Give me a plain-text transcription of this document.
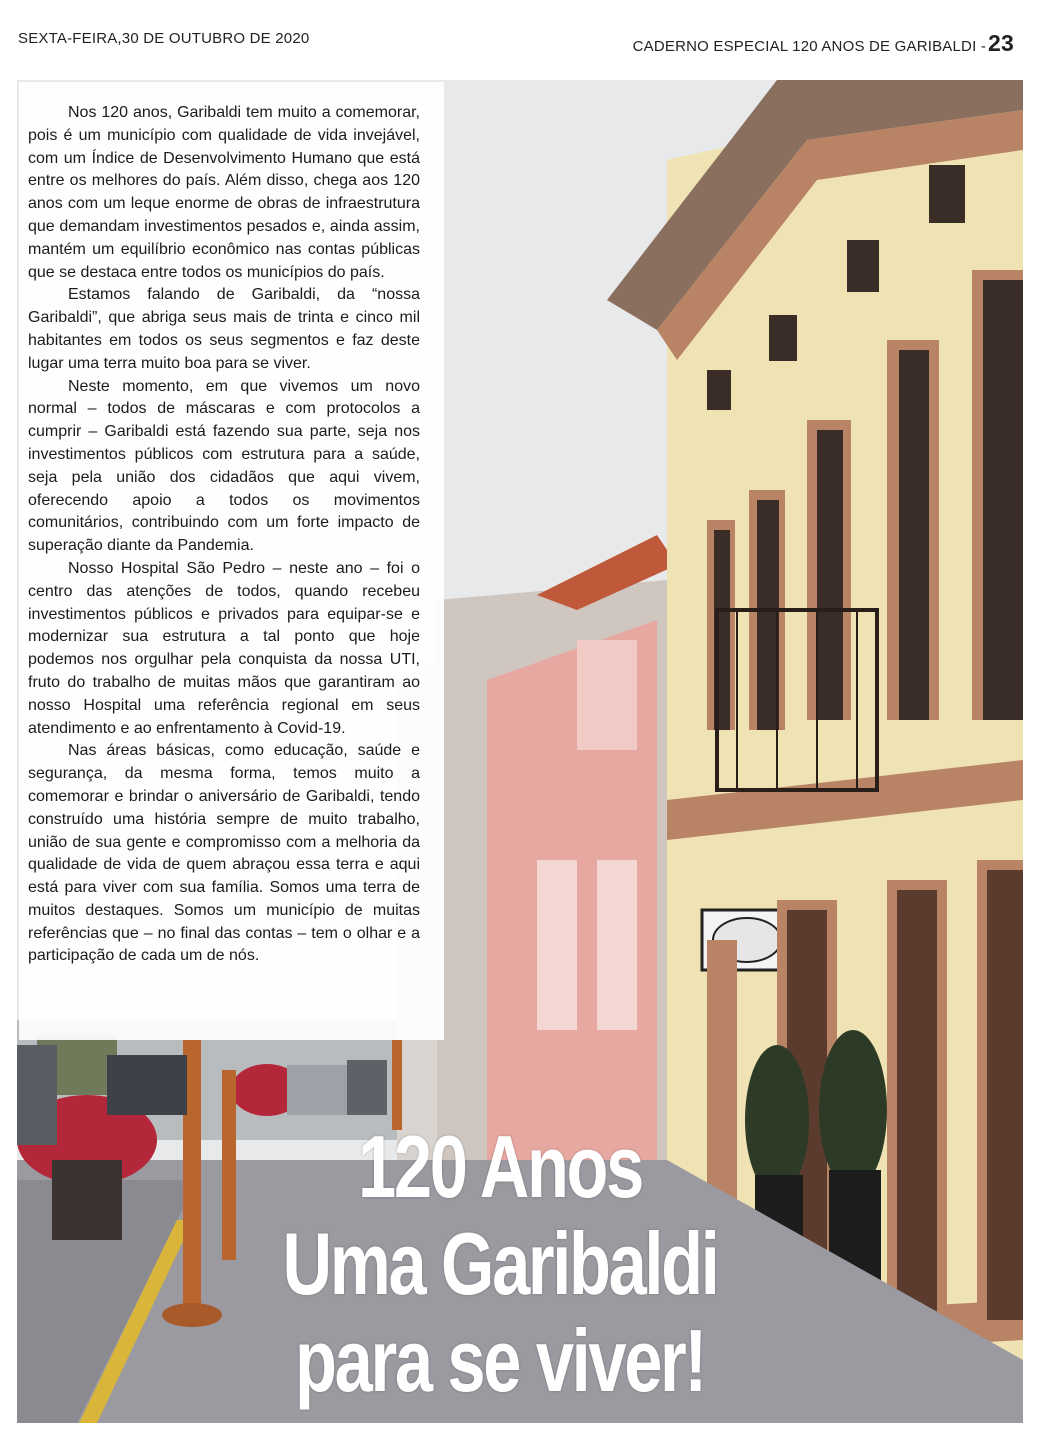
SEXTA-FEIRA,30 DE OUTUBRO DE 2020	CADERNO ESPECIAL 120 ANOS DE GARIBALDI - 23

Nos 120 anos, Garibaldi tem muito a comemorar, pois é um município com qualidade de vida invejável, com um Índice de Desenvolvimento Humano que está entre os melhores do país. Além disso, chega aos 120 anos com um leque enorme de obras de infraestrutura que demandam investimentos pesados e, ainda assim, mantém um equilíbrio econômico nas contas públicas que se destaca entre todos os municípios do país.

Estamos falando de Garibaldi, da “nossa Garibaldi”, que abriga seus mais de trinta e cinco mil habitantes em todos os seus segmentos e faz deste lugar uma terra muito boa para se viver.

Neste momento, em que vivemos um novo normal – todos de máscaras e com protocolos a cumprir – Garibaldi está fazendo sua parte, seja nos investimentos públicos com estrutura para a saúde, seja pela união dos cidadãos que aqui vivem, oferecendo apoio a todos os movimentos comunitários, contribuindo com um forte impacto de superação diante da Pandemia.

Nosso Hospital São Pedro – neste ano – foi o centro das atenções de todos, quando recebeu investimentos públicos e privados para equipar-se e modernizar sua estrutura a tal ponto que hoje podemos nos orgulhar pela conquista da nossa UTI, fruto do trabalho de muitas mãos que garantiram ao nosso Hospital uma referência regional em seus atendimento e ao enfrentamento à Covid-19.

Nas áreas básicas, como educação, saúde e segurança, da mesma forma, temos muito a comemorar e brindar o aniversário de Garibaldi, tendo construído uma história sempre de muito trabalho, união de sua gente e compromisso com a melhoria da qualidade de vida de quem abraçou essa terra e aqui está para viver com sua família. Somos uma terra de muitos destaques. Somos um município de muitas referências que – no final das contas – tem o olhar e a participação de cada um de nós.

120 Anos
Uma Garibaldi
para se viver!
